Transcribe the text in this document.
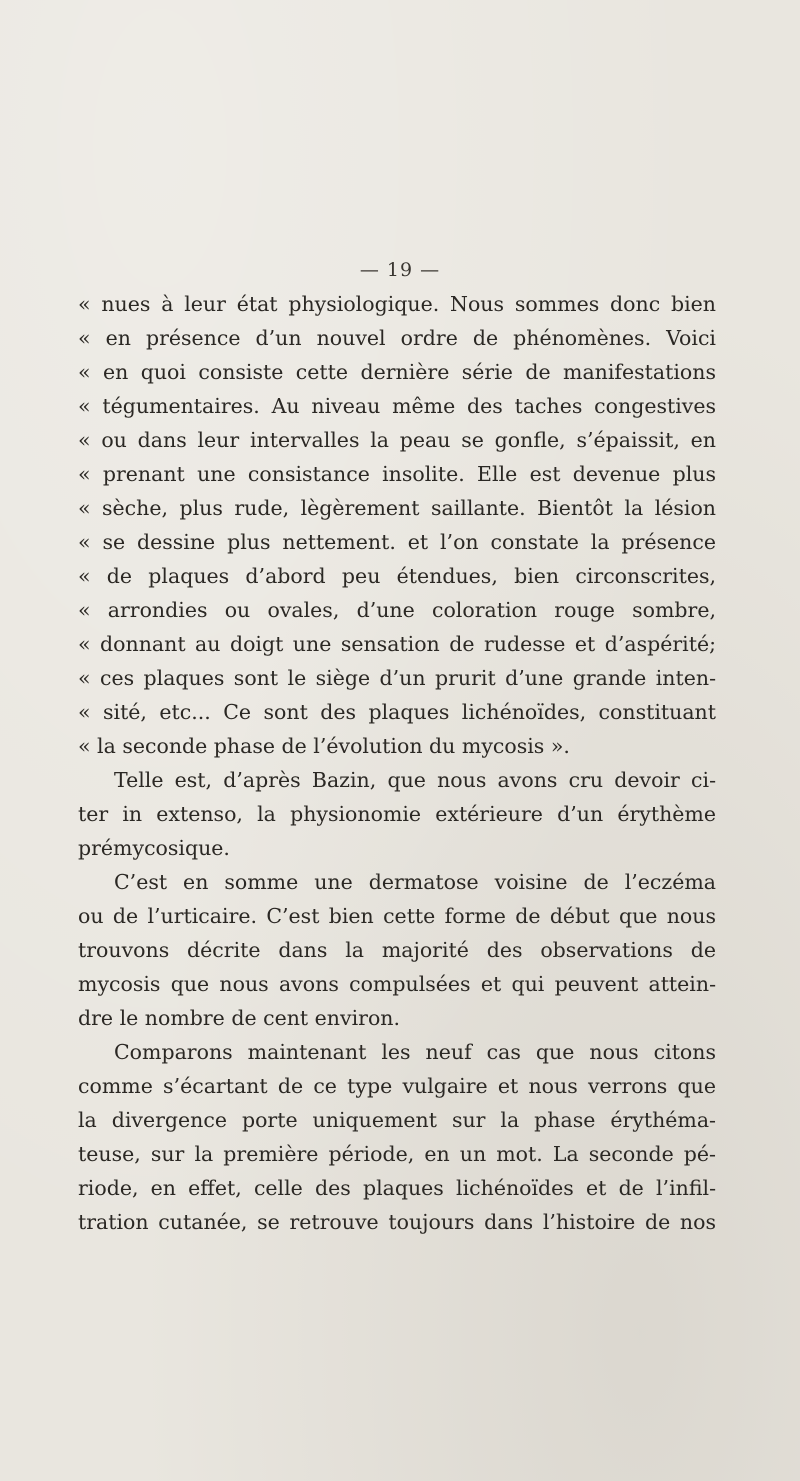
— 19 —
« nues à leur état physiologique. Nous sommes donc bien
« en présence d’un nouvel ordre de phénomènes. Voici
« en quoi consiste cette dernière série de manifestations
« tégumentaires. Au niveau même des taches congestives
« ou dans leur intervalles la peau se gonfle, s’épaissit, en
« prenant une consistance insolite. Elle est devenue plus
« sèche, plus rude, lègèrement saillante. Bientôt la lésion
« se dessine plus nettement. et l’on constate la présence
« de plaques d’abord peu étendues, bien circonscrites,
« arrondies ou ovales, d’une coloration rouge sombre,
« donnant au doigt une sensation de rudesse et d’aspérité;
« ces plaques sont le siège d’un prurit d’une grande inten-
« sité, etc... Ce sont des plaques lichénoïdes, constituant
« la seconde phase de l’évolution du mycosis ».
Telle est, d’après Bazin, que nous avons cru devoir ci-
ter in extenso, la physionomie extérieure d’un érythème
prémycosique.
C’est en somme une dermatose voisine de l’eczéma
ou de l’urticaire. C’est bien cette forme de début que nous
trouvons décrite dans la majorité des observations de
mycosis que nous avons compulsées et qui peuvent attein-
dre le nombre de cent environ.
Comparons maintenant les neuf cas que nous citons
comme s’écartant de ce type vulgaire et nous verrons que
la divergence porte uniquement sur la phase érythéma-
teuse, sur la première période, en un mot. La seconde pé-
riode, en effet, celle des plaques lichénoïdes et de l’infil-
tration cutanée, se retrouve toujours dans l’histoire de nos
